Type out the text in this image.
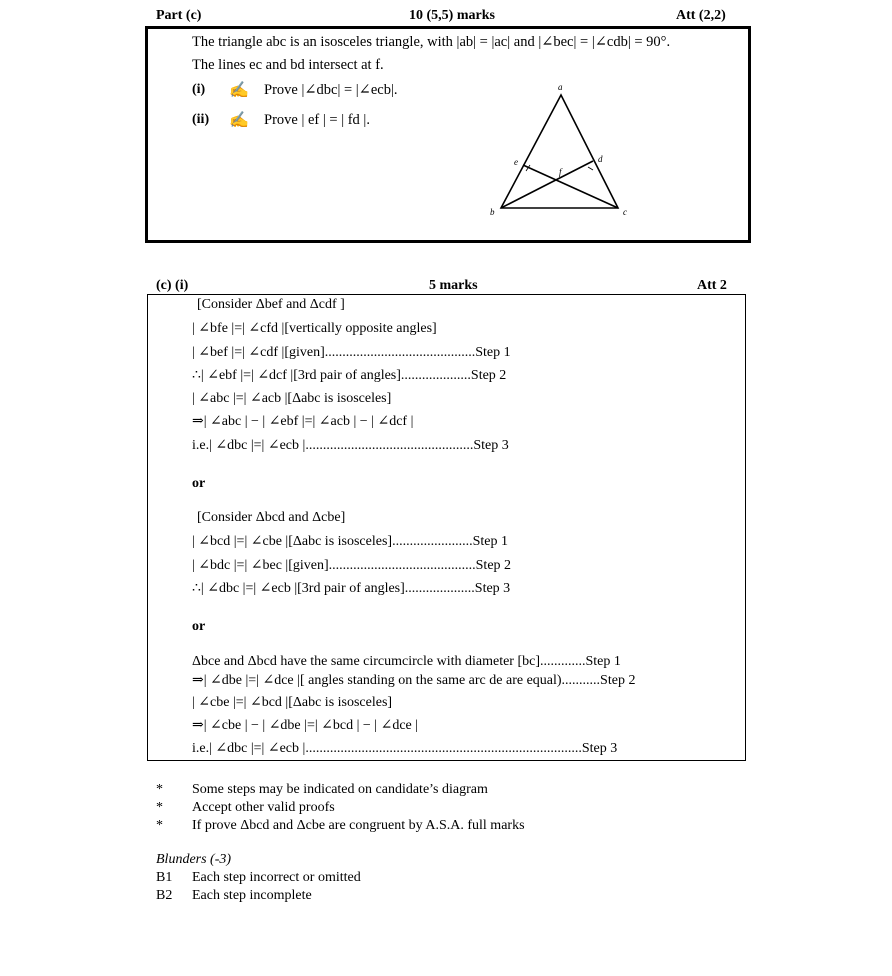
Part (c)	10 (5,5) marks	Att (2,2)
The triangle abc is an isosceles triangle, with |ab| = |ac| and |∠bec| = |∠cdb| = 90°.
The lines ec and bd intersect at f.
(i) ✍ Prove |∠dbc| = |∠ecb|.
(ii) ✍ Prove | ef | = | fd |.
a
b	c
d
e
f
(c) (i)	5 marks	Att 2
[Consider Δbef and Δcdf ]
| ∠bfe |=| ∠cfd |[vertically opposite angles]
| ∠bef |=| ∠cdf |[given]...........................................Step 1
∴| ∠ebf |=| ∠dcf |[3rd pair of angles]....................Step 2
| ∠abc |=| ∠acb |[Δabc is isosceles]
⇒| ∠abc | − | ∠ebf |=| ∠acb | − | ∠dcf |
i.e.| ∠dbc |=| ∠ecb |................................................Step 3
or
[Consider Δbcd and Δcbe]
| ∠bcd |=| ∠cbe |[Δabc is isosceles].......................Step 1
| ∠bdc |=| ∠bec |[given]..........................................Step 2
∴| ∠dbc |=| ∠ecb |[3rd pair of angles]....................Step 3
or
Δbce and Δbcd have the same circumcircle with diameter [bc].............Step 1
⇒| ∠dbe |=| ∠dce |[ angles standing on the same arc de are equal)...........Step 2
| ∠cbe |=| ∠bcd |[Δabc is isosceles]
⇒| ∠cbe | − | ∠dbe |=| ∠bcd | − | ∠dce |
i.e.| ∠dbc |=| ∠ecb |...............................................................................Step 3
* Some steps may be indicated on candidate’s diagram
* Accept other valid proofs
* If prove Δbcd and Δcbe are congruent by A.S.A. full marks
Blunders (-3)
B1 Each step incorrect or omitted
B2 Each step incomplete
